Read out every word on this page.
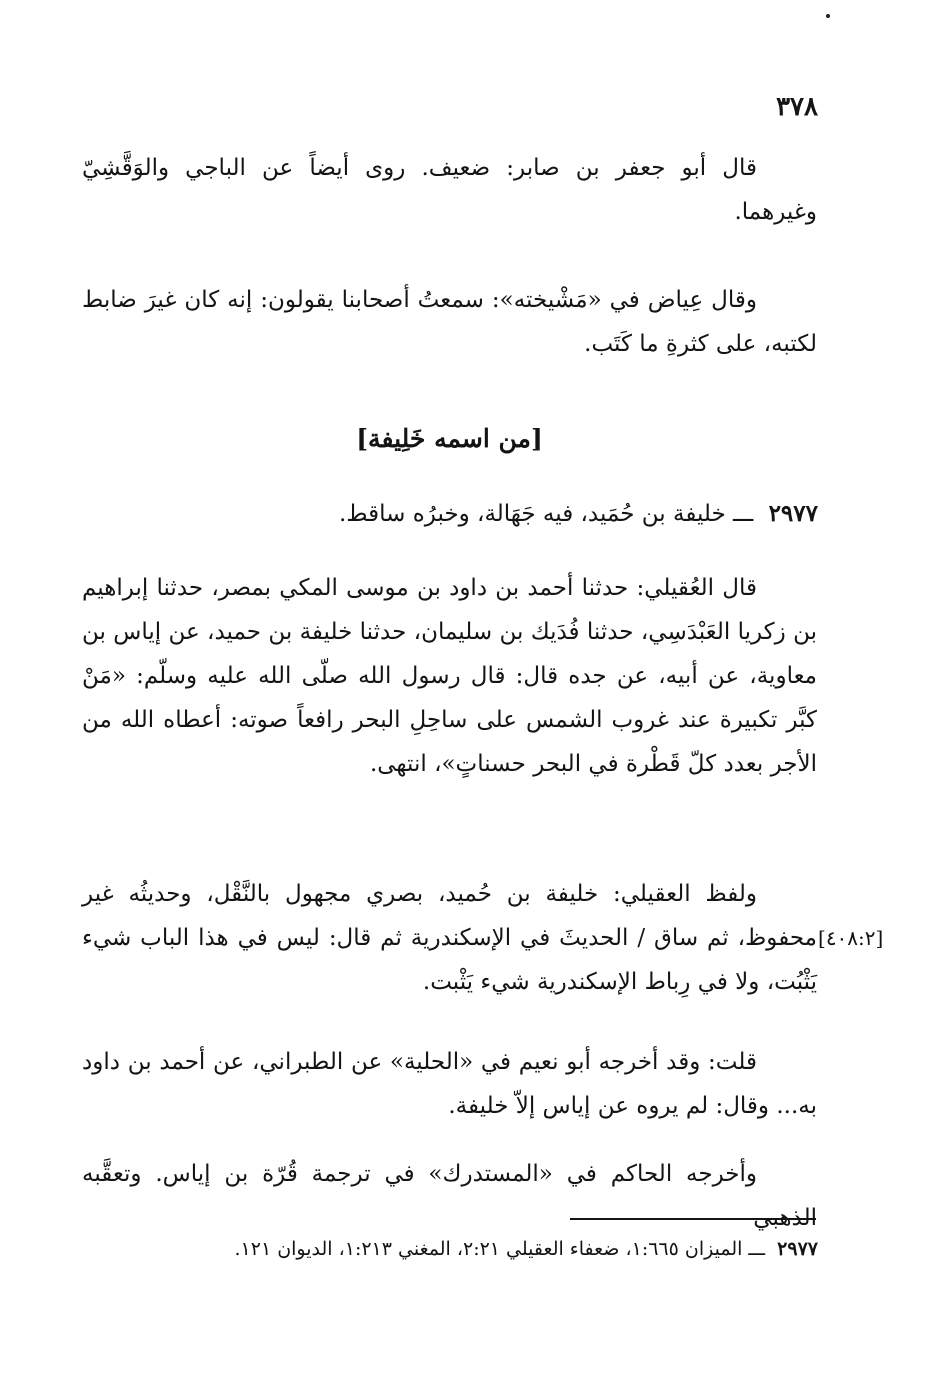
٣٧٨

قال أبو جعفر بن صابر: ضعيف. روى أيضاً عن الباجي والوَقَّشِيّ وغيرهما.

وقال عِياض في «مَشْيخته»: سمعتُ أصحابنا يقولون: إنه كان غيرَ ضابط لكتبه، على كثرةِ ما كَتَب.

[من اسمه خَلِيفة]
٢٩٧٧ ـــ خليفة بن حُمَيد، فيه جَهَالة، وخبرُه ساقط.

قال العُقيلي: حدثنا أحمد بن داود بن موسى المكي بمصر، حدثنا إبراهيم بن زكريا العَبْدَسِي، حدثنا فُدَيك بن سليمان، حدثنا خليفة بن حميد، عن إياس بن معاوية، عن أبيه، عن جده قال: قال رسول الله صلّى الله عليه وسلّم: «مَنْ كبَّر تكبيرة عند غروب الشمس على ساحِلِ البحر رافعاً صوته: أعطاه الله من الأجر بعدد كلّ قَطْرة في البحر حسناتٍ»، انتهى.

ولفظ العقيلي: خليفة بن حُميد، بصري مجهول بالنَّقْل، وحديثُه غير محفوظ، ثم ساق / الحديثَ في الإسكندرية ثم قال: ليس في هذا الباب شيء يَثْبُت، ولا في رِباط الإسكندرية شيء يَثْبت.

[٤٠٨:٢]

قلت: وقد أخرجه أبو نعيم في «الحلية» عن الطبراني، عن أحمد بن داود به... وقال: لم يروه عن إياس إلاّ خليفة.

وأخرجه الحاكم في «المستدرك» في ترجمة قُرّة بن إياس. وتعقَّبه الذهبي

٢٩٧٧ ـــ الميزان ١:٦٦٥، ضعفاء العقيلي ٢:٢١، المغني ١:٢١٣، الديوان ١٢١.
